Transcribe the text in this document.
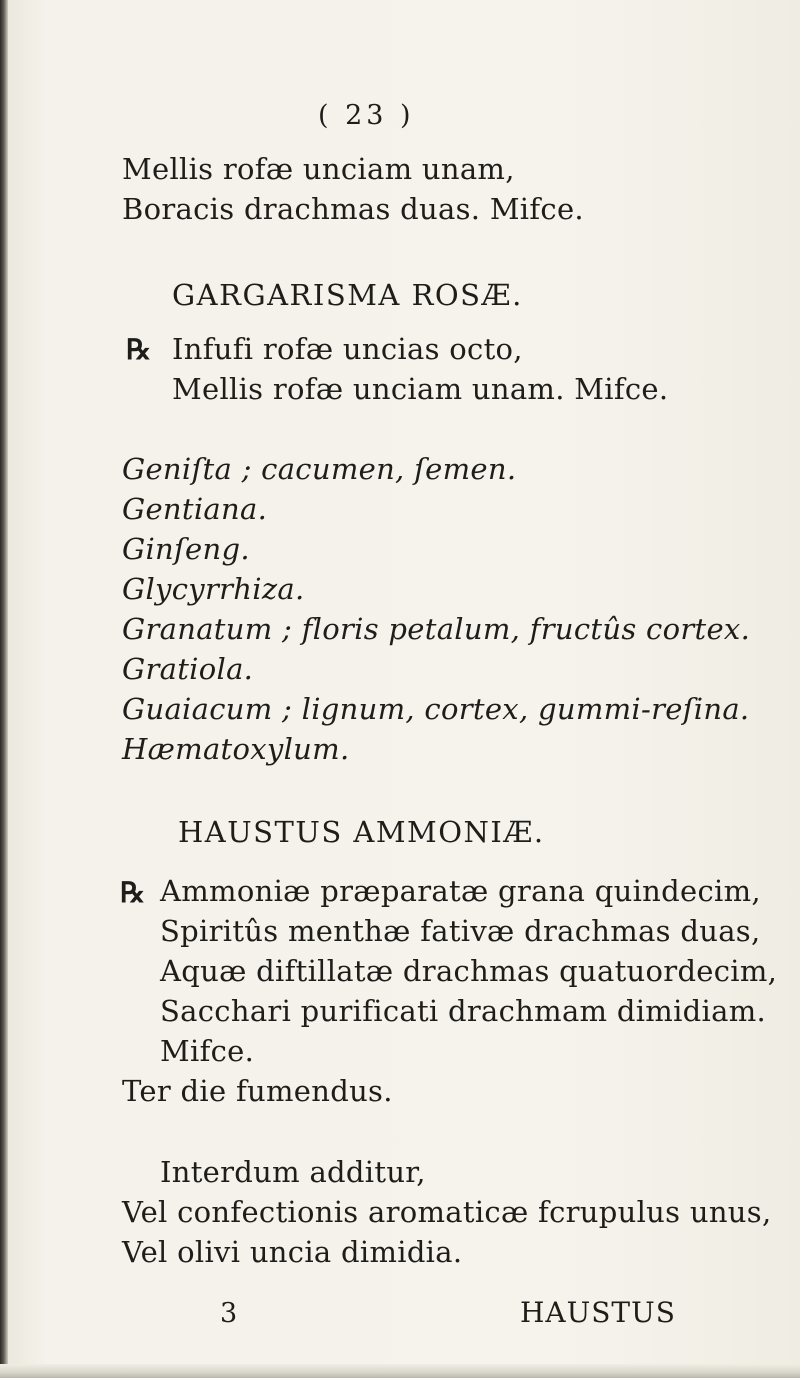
( 23 )
Mellis rofæ unciam unam,
Boracis drachmas duas. Mifce.
GARGARISMA ROSÆ.
℞ Infufi rofæ uncias octo,
Mellis rofæ unciam unam. Mifce.
Geniſta ; cacumen, ſemen.
Gentiana.
Ginſeng.
Glycyrrhiza.
Granatum ; floris petalum, fructûs cortex.
Gratiola.
Guaiacum ; lignum, cortex, gummi-reſina.
Hæmatoxylum.
HAUSTUS AMMONIÆ.
℞ Ammoniæ præparatæ grana quindecim,
Spiritûs menthæ fativæ drachmas duas,
Aquæ diftillatæ drachmas quatuordecim,
Sacchari purificati drachmam dimidiam.
Mifce.
Ter die fumendus.
Interdum additur,
Vel confectionis aromaticæ fcrupulus unus,
Vel olivi uncia dimidia.
3	HAUSTUS
